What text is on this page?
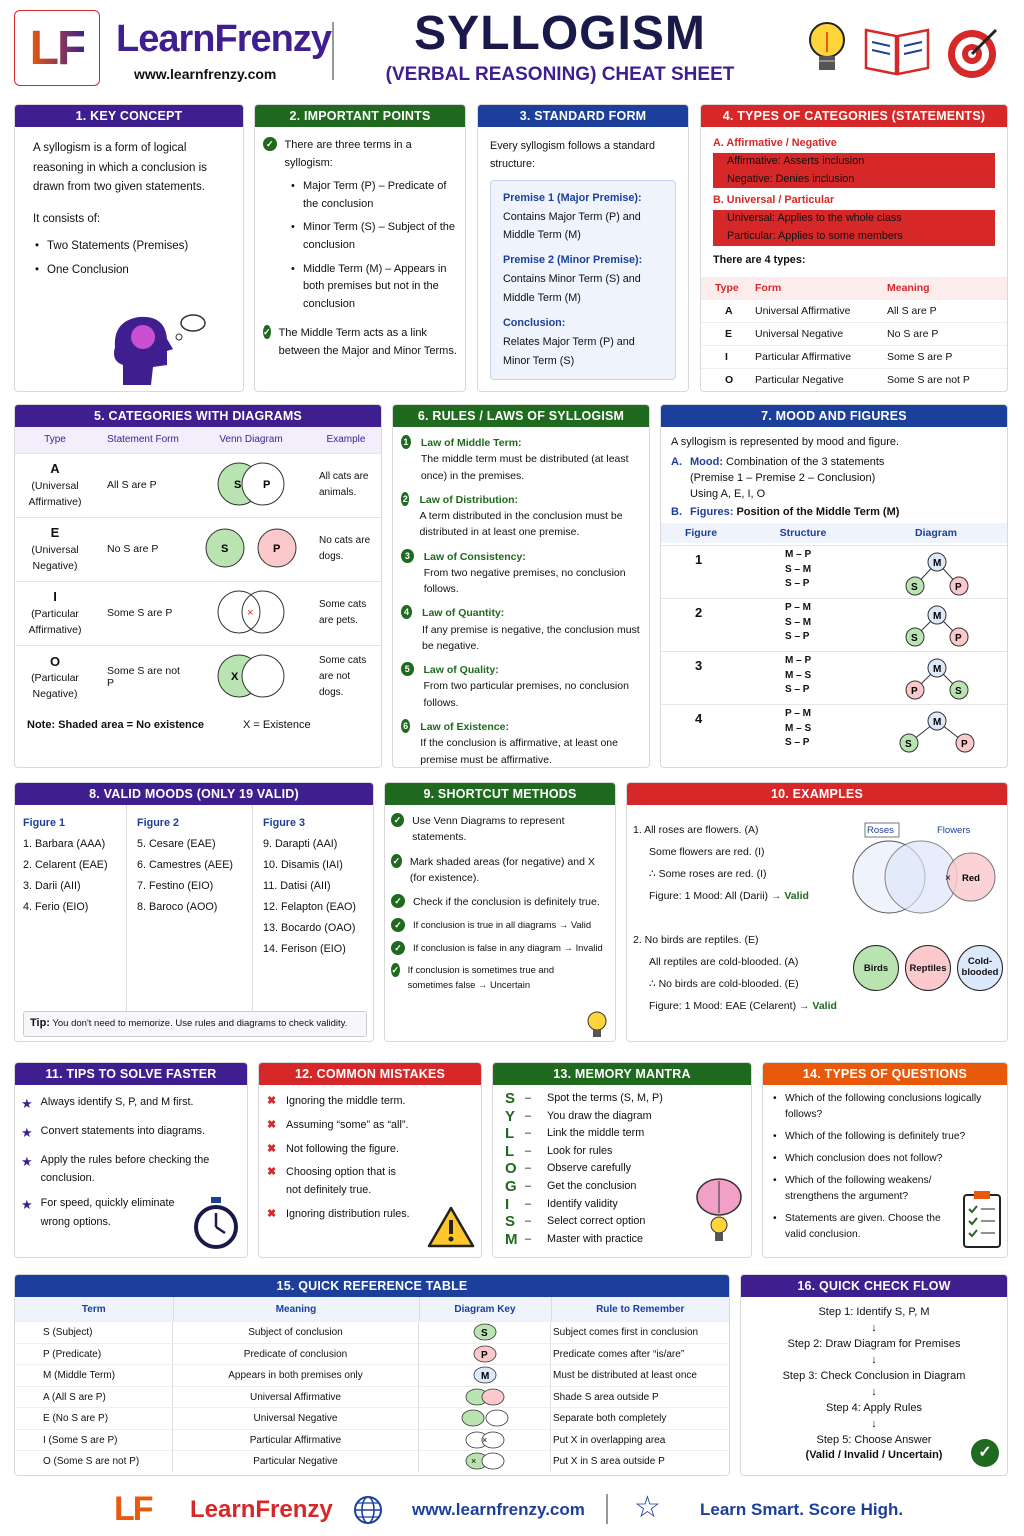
LF LearnFrenzy
www.learnfrenzy.com
SYLLOGISM
(VERBAL REASONING) CHEAT SHEET
1. KEY CONCEPT

A syllogism is a form of logical reasoning in which a conclusion is drawn from two given statements.

It consists of:

• Two Statements (Premises)
• One Conclusion
2. IMPORTANT POINTS
✓ There are three terms in a syllogism:
• Major Term (P) – Predicate of the conclusion
• Minor Term (S) – Subject of the conclusion
• Middle Term (M) – Appears in both premises but not in the conclusion
✓ The Middle Term acts as a link between the Major and Minor Terms.
3. STANDARD FORM

Every syllogism follows a standard structure:

Premise 1 (Major Premise):
Contains Major Term (P) and Middle Term (M)
Premise 2 (Minor Premise):
Contains Minor Term (S) and Middle Term (M)
Conclusion:
Relates Major Term (P) and Minor Term (S)
4. TYPES OF CATEGORIES (STATEMENTS)
A. Affirmative / Negative
• Affirmative: Asserts inclusion
• Negative: Denies inclusion
B. Universal / Particular
• Universal: Applies to the whole class
• Particular: Applies to some members
There are 4 types:
Type	Form	Meaning
A	Universal Affirmative	All S are P
E	Universal Negative	No S are P
I	Particular Affirmative	Some S are P
O	Particular Negative	Some S are not P
5. CATEGORIES WITH DIAGRAMS
Type	Statement Form	Venn Diagram	Example
A
(Universal Affirmative)	All S are P	S P	All cats are animals.
E
(Universal Negative)	No S are P	S P	No cats are dogs.
I
(Particular Affirmative)	Some S are P	×	Some cats are pets.
O
(Particular Negative)	Some S are not P	X	Some cats are not dogs.
Note: Shaded area = No existence	X = Existence
6. RULES / LAWS OF SYLLOGISM
1 Law of Middle Term:
The middle term must be distributed (at least once) in the premises.
2 Law of Distribution:
A term distributed in the conclusion must be distributed in at least one premise.
3	Law of Consistency:
From two negative premises, no conclusion follows.
4 Law of Quantity:
If any premise is negative, the conclusion must be negative.
5	Law of Quality:
From two particular premises, no conclusion follows.
6 Law of Existence:
If the conclusion is affirmative, at least one premise must be affirmative.
7. MOOD AND FIGURES
A syllogism is represented by mood and figure.
A. Mood: Combination of the 3 statements
(Premise 1 – Premise 2 – Conclusion)
Using A, E, I, O
B. Figures: Position of the Middle Term (M)
Figure	Structure	Diagram
1	M – P
S – M
S – P
M
S	P
2	P – M
S – M
S – P
M
S	P
3	M – P
M – S
S – P
M
P	S
4	P – M
M – S
S – P
M
S	P
8. VALID MOODS (ONLY 19 VALID)
Figure 1
1. Barbara (AAA)
2. Celarent (EAE)
3. Darii (AII)
4. Ferio (EIO)
Figure 2
5. Cesare (EAE)
6. Camestres (AEE)
7. Festino (EIO)
8. Baroco (AOO)
Figure 3
9. Darapti (AAI)
10. Disamis (IAI)
11. Datisi (AII)
12. Felapton (EAO)
13. Bocardo (OAO)
14. Ferison (EIO)
Tip: You don't need to memorize. Use rules and diagrams to check validity.
9. SHORTCUT METHODS
✓ Use Venn Diagrams to represent statements.
✓ Mark shaded areas (for negative) and X (for existence).
✓	Check if the conclusion is definitely true.
✓	If conclusion is true in all diagrams → Valid
✓	If conclusion is false in any diagram → Invalid
✓ If conclusion is sometimes true and sometimes false → Uncertain
10. EXAMPLES
1. All roses are flowers. (A)
Some flowers are red. (I)
∴ Some roses are red. (I)
Figure: 1 Mood: All (Darii) → Valid
Roses	Flowers
× Red
2. No birds are reptiles. (E)
All reptiles are cold-blooded. (A)
∴ No birds are cold-blooded. (E)
Figure: 1 Mood: EAE (Celarent) → Valid
Birds	Reptiles
Cold-blooded
11. TIPS TO SOLVE FASTER
★ Always identify S, P, and M first.
★ Convert statements into diagrams.
★ Apply the rules before checking the conclusion.
★ For speed, quickly eliminate wrong options.
12. COMMON MISTAKES
✖ Ignoring the middle term.
✖ Assuming “some” as “all”.
✖ Not following the figure.
✖ Choosing option that is not definitely true.
✖ Ignoring distribution rules.
13. MEMORY MANTRA
S –	Spot the terms (S, M, P)
Y –	You draw the diagram
L	–	Link the middle term
L	–	Look for rules
O –	Observe carefully
G –	Get the conclusion
I	–	Identify validity
S –	Select correct option
M –	Master with practice
14. TYPES OF QUESTIONS
• Which of the following conclusions logically follows?
• Which of the following is definitely true?
• Which conclusion does not follow?
• Which of the following weakens/ strengthens the argument?
• Statements are given. Choose the valid conclusion.
15. QUICK REFERENCE TABLE
Term	Meaning	Diagram Key	Rule to Remember
S (Subject)	Subject of conclusion	S	Subject comes first in conclusion
P (Predicate)	Predicate of conclusion	P	Predicate comes after “is/are”
M (Middle Term)	Appears in both premises only	M	Must be distributed at least once
A (All S are P)	Universal Affirmative	Shade S area outside P
E (No S are P)	Universal Negative	Separate both completely
I (Some S are P)	Particular Affirmative	×	Put X in overlapping area
O (Some S are not P)	Particular Negative	×	Put X in S area outside P
16. QUICK CHECK FLOW
Step 1: Identify S, P, M
↓
Step 2: Draw Diagram for Premises
↓
Step 3: Check Conclusion in Diagram
↓
Step 4: Apply Rules
↓
Step 5: Choose Answer
(Valid / Invalid / Uncertain)	✓
LF LearnFrenzy	www.learnfrenzy.com ☆ Learn Smart. Score High.
